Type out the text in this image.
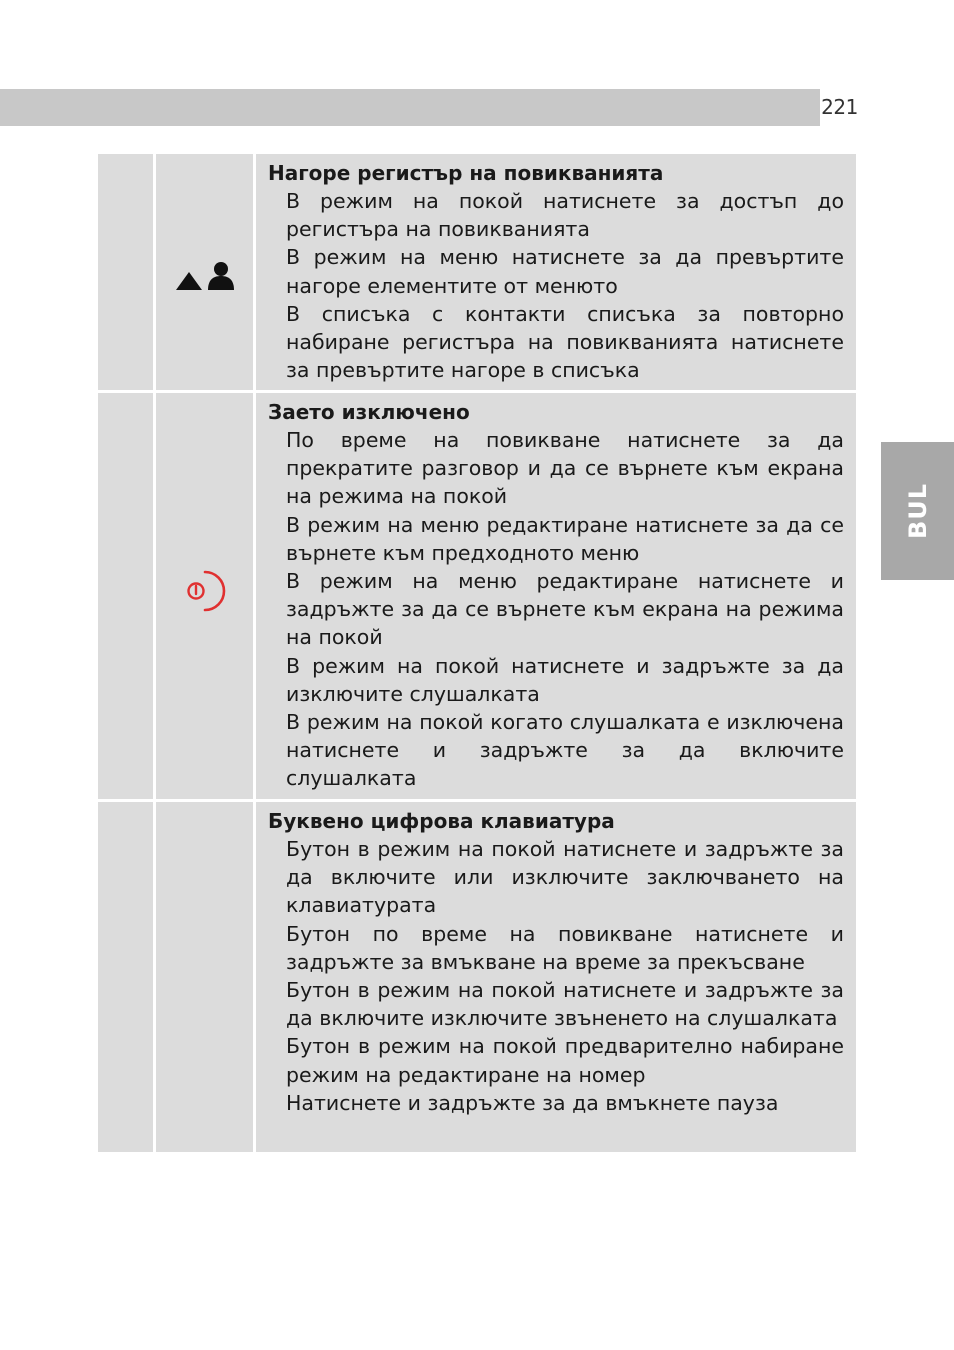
221
BUL

Нагоре регистър на повикванията

В режим на покой натиснете за достъп до регистъра на повикванията

В режим на меню натиснете за да превъртите нагоре елементите от менюто

В списъка с контакти списъка за повторно набиране регистъра на повикванията натиснете за превъртите нагоре в списъка

Заето изключено

По време на повикване натиснете за да прекратите разговор и да се върнете към екрана на режима на покой

В режим на меню редактиране натиснете за да се върнете към предходното меню

В режим на меню редактиране натиснете и задръжте за да се върнете към екрана на режима на покой

В режим на покой натиснете и задръжте за да изключите слушалката

В режим на покой когато слушалката е изключена натиснете и задръжте за да включите слушалката

Буквено цифрова клавиатура

Бутон в режим на покой натиснете и задръжте за да включите или изключите заключването на клавиатурата

Бутон по време на повикване натиснете и задръжте за вмъкване на време за прекъсване

Бутон в режим на покой натиснете и задръжте за да включите изключите звъненето на слушалката

Бутон в режим на покой предварително набиране режим на редактиране на номер

Натиснете и задръжте за да вмъкнете пауза
